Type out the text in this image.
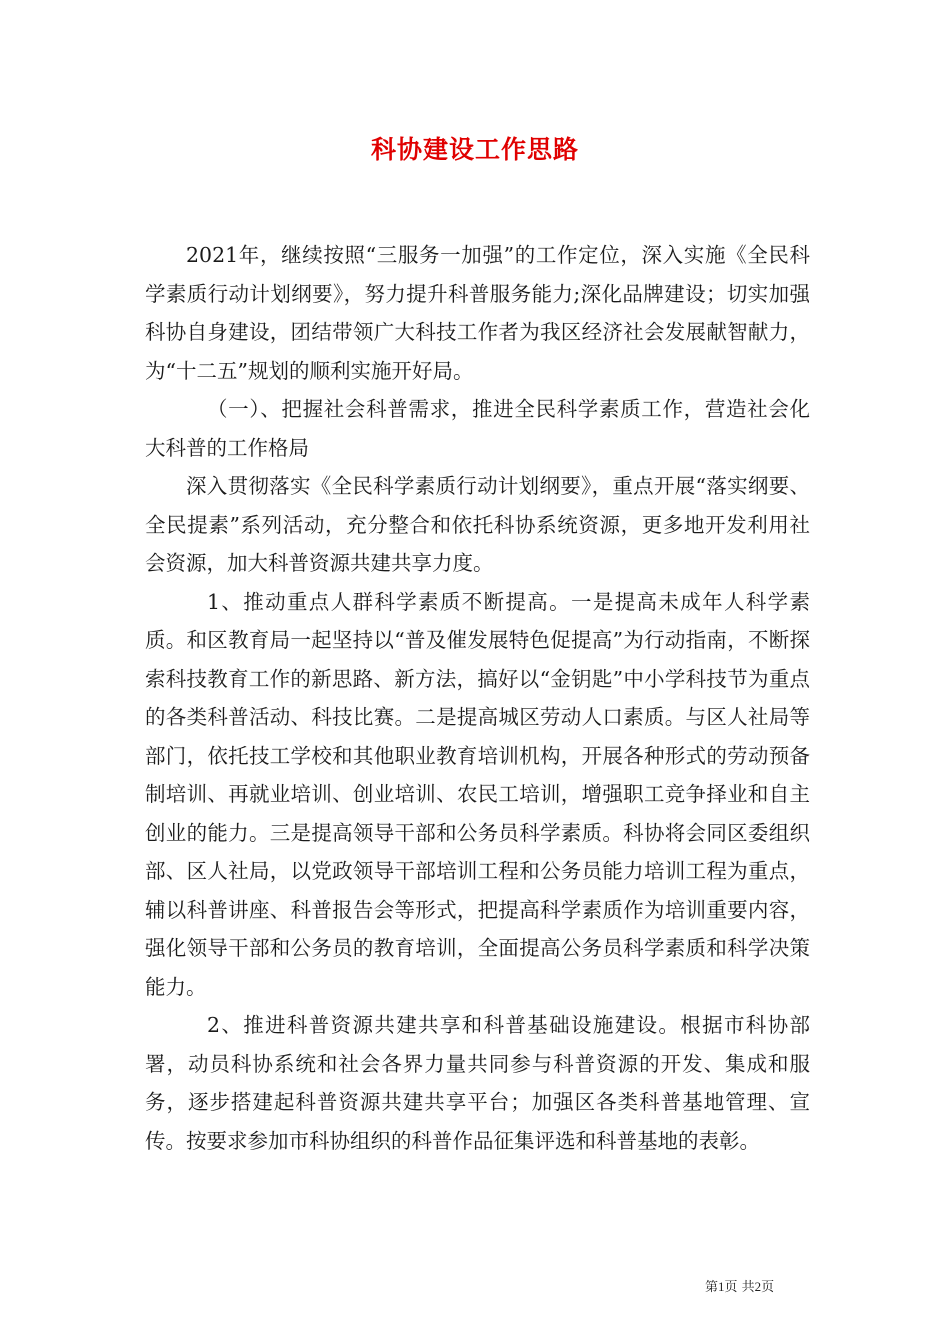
科协建设工作思路

2021年，继续按照“三服务一加强”的工作定位，深入实施《全民科学素质行动计划纲要》，努力提升科普服务能力;深化品牌建设；切实加强科协自身建设，团结带领广大科技工作者为我区经济社会发展献智献力，为“十二五”规划的顺利实施开好局。

（一）、把握社会科普需求，推进全民科学素质工作，营造社会化大科普的工作格局

深入贯彻落实《全民科学素质行动计划纲要》，重点开展“落实纲要、全民提素”系列活动，充分整合和依托科协系统资源，更多地开发利用社会资源，加大科普资源共建共享力度。

1、推动重点人群科学素质不断提高。一是提高未成年人科学素质。和区教育局一起坚持以“普及催发展特色促提高”为行动指南，不断探索科技教育工作的新思路、新方法，搞好以“金钥匙”中小学科技节为重点的各类科普活动、科技比赛。二是提高城区劳动人口素质。与区人社局等部门，依托技工学校和其他职业教育培训机构，开展各种形式的劳动预备制培训、再就业培训、创业培训、农民工培训，增强职工竞争择业和自主创业的能力。三是提高领导干部和公务员科学素质。科协将会同区委组织部、区人社局，以党政领导干部培训工程和公务员能力培训工程为重点，辅以科普讲座、科普报告会等形式，把提高科学素质作为培训重要内容，强化领导干部和公务员的教育培训，全面提高公务员科学素质和科学决策能力。

2、推进科普资源共建共享和科普基础设施建设。根据市科协部署，动员科协系统和社会各界力量共同参与科普资源的开发、集成和服务，逐步搭建起科普资源共建共享平台；加强区各类科普基地管理、宣传。按要求参加市科协组织的科普作品征集评选和科普基地的表彰。

第1页 共2页
